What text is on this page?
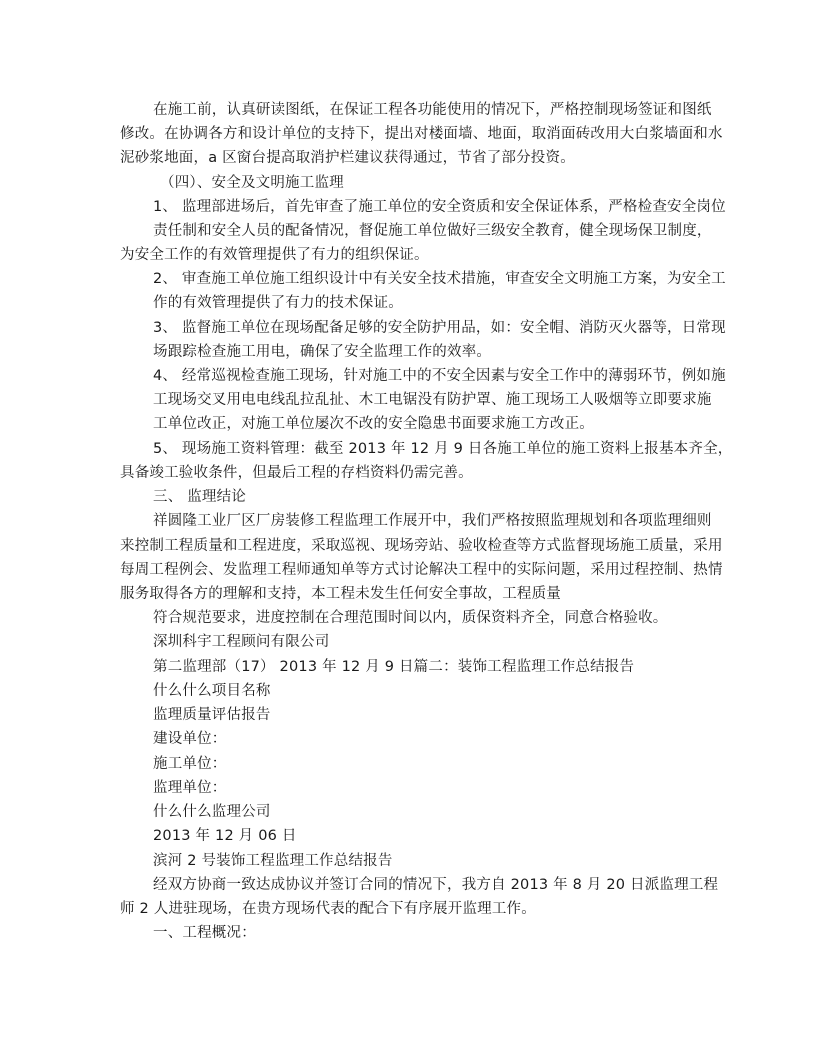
在施工前，认真研读图纸，在保证工程各功能使用的情况下，严格控制现场签证和图纸

修改。在协调各方和设计单位的支持下，提出对楼面墙、地面，取消面砖改用大白浆墙面和水

泥砂浆地面，a 区窗台提高取消护栏建议获得通过，节省了部分投资。

（四）、安全及文明施工监理

1、 监理部进场后，首先审查了施工单位的安全资质和安全保证体系，严格检查安全岗位

责任制和安全人员的配备情况，督促施工单位做好三级安全教育，健全现场保卫制度，

为安全工作的有效管理提供了有力的组织保证。

2、 审查施工单位施工组织设计中有关安全技术措施，审查安全文明施工方案，为安全工

作的有效管理提供了有力的技术保证。

3、 监督施工单位在现场配备足够的安全防护用品，如：安全帽、消防灭火器等，日常现

场跟踪检查施工用电，确保了安全监理工作的效率。

4、 经常巡视检查施工现场，针对施工中的不安全因素与安全工作中的薄弱环节，例如施

工现场交叉用电电线乱拉乱扯、木工电锯没有防护罩、施工现场工人吸烟等立即要求施

工单位改正，对施工单位屡次不改的安全隐患书面要求施工方改正。

5、 现场施工资料管理：截至 2013 年 12 月 9 日各施工单位的施工资料上报基本齐全，

具备竣工验收条件，但最后工程的存档资料仍需完善。

三、 监理结论

祥圆隆工业厂区厂房装修工程监理工作展开中，我们严格按照监理规划和各项监理细则

来控制工程质量和工程进度，采取巡视、现场旁站、验收检查等方式监督现场施工质量，采用

每周工程例会、发监理工程师通知单等方式讨论解决工程中的实际问题，采用过程控制、热情

服务取得各方的理解和支持，本工程未发生任何安全事故，工程质量

符合规范要求，进度控制在合理范围时间以内，质保资料齐全，同意合格验收。

深圳科宇工程顾问有限公司

第二监理部（17） 2013 年 12 月 9 日篇二：装饰工程监理工作总结报告

什么什么项目名称

监理质量评估报告

建设单位：

施工单位：

监理单位：

什么什么监理公司

2013 年 12 月 06 日

滨河 2 号装饰工程监理工作总结报告

经双方协商一致达成协议并签订合同的情况下，我方自 2013 年 8 月 20 日派监理工程

师 2 人进驻现场，在贵方现场代表的配合下有序展开监理工作。

一、工程概况：
